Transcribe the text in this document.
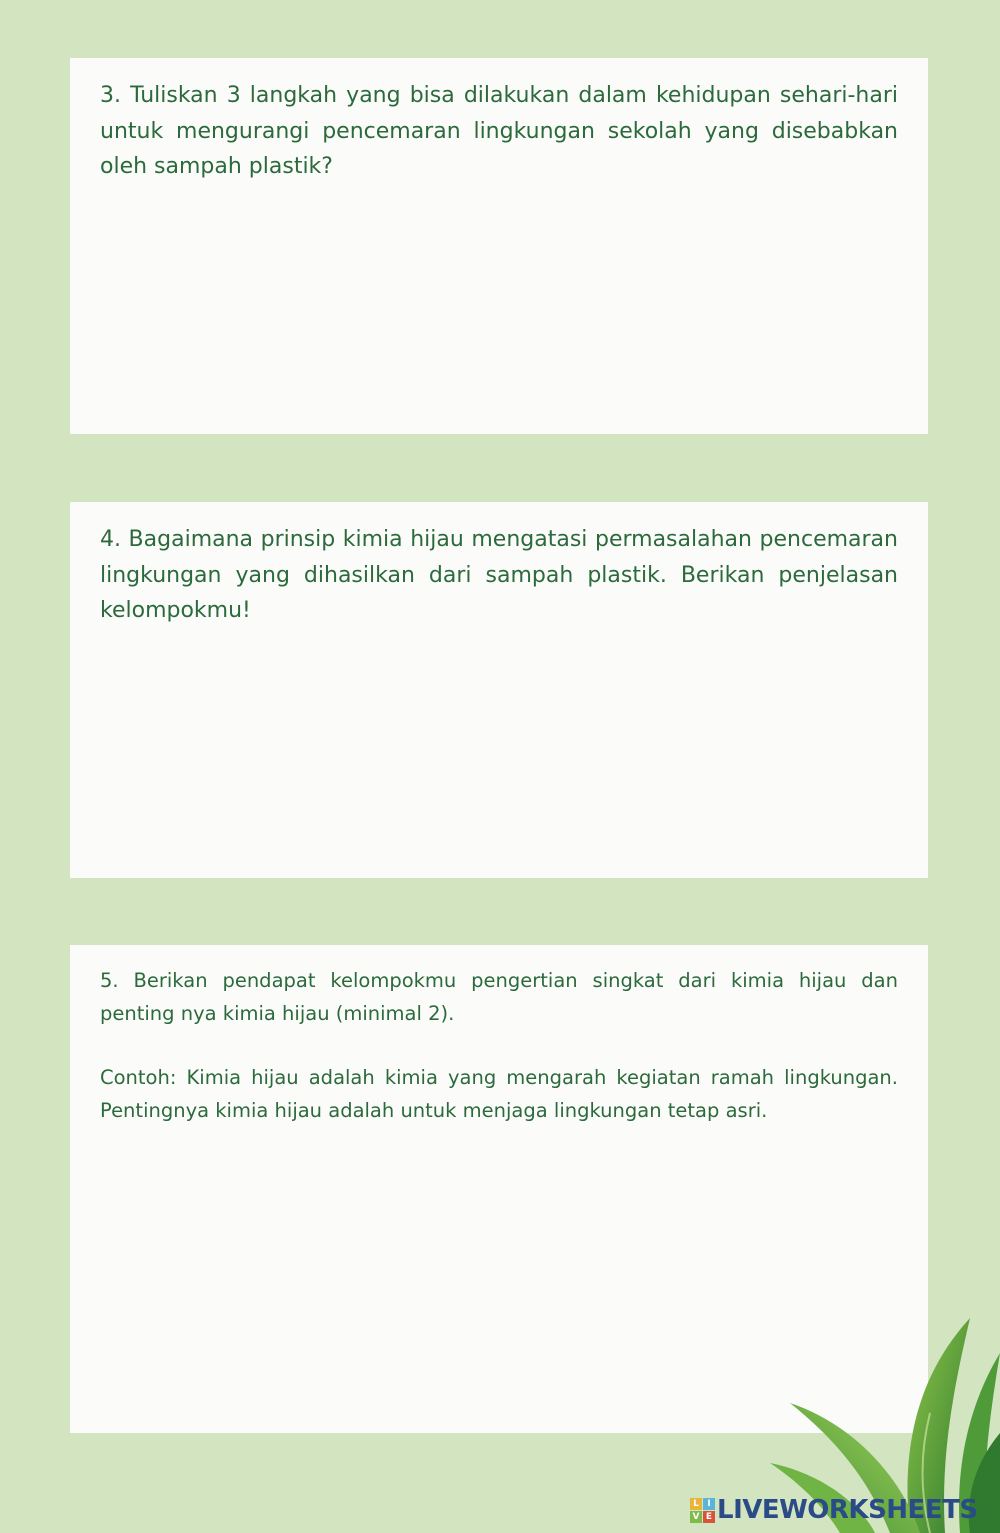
3. Tuliskan 3 langkah yang bisa dilakukan dalam kehidupan sehari-hari untuk mengurangi pencemaran lingkungan sekolah yang disebabkan oleh sampah plastik?

4. Bagaimana prinsip kimia hijau mengatasi permasalahan pencemaran lingkungan yang dihasilkan dari sampah plastik. Berikan penjelasan kelompokmu!

5. Berikan pendapat kelompokmu pengertian singkat dari kimia hijau dan penting nya kimia hijau (minimal 2).

Contoh: Kimia hijau adalah kimia yang mengarah kegiatan ramah lingkungan. Pentingnya kimia hijau adalah untuk menjaga lingkungan tetap asri.

L I
V E LIVEWORKSHEETS
